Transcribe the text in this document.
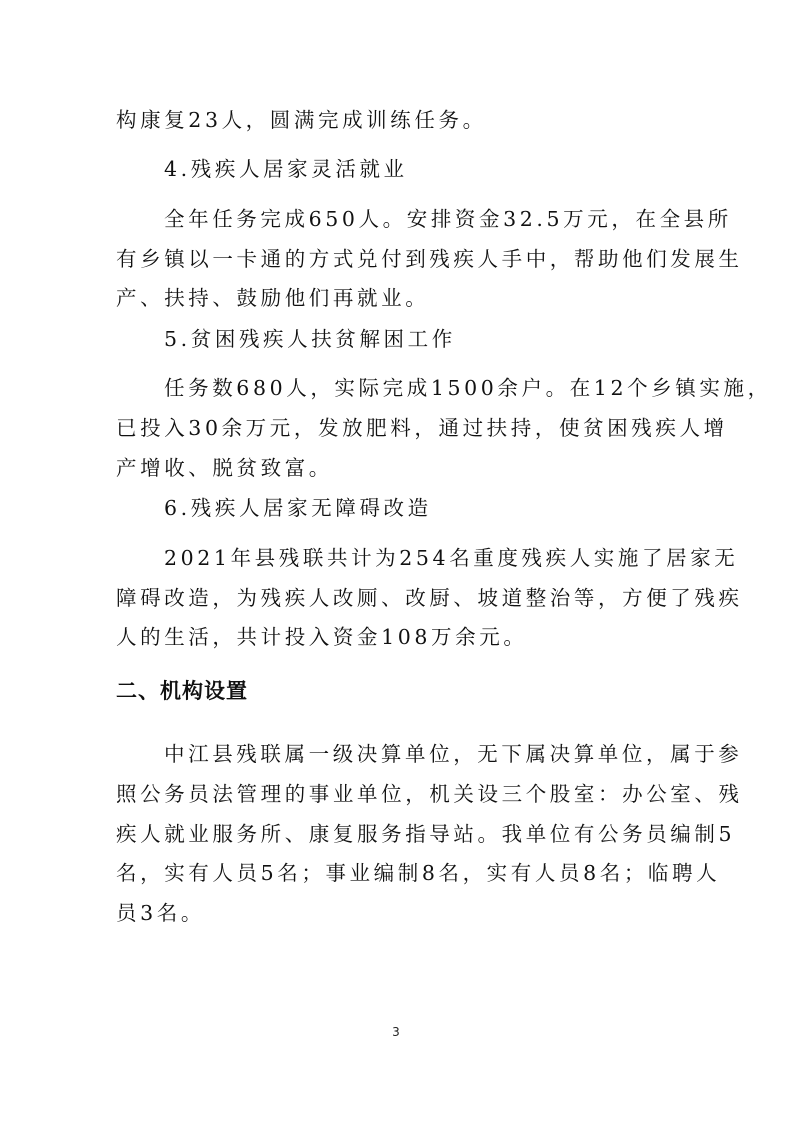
构康复23人，圆满完成训练任务。
4.残疾人居家灵活就业
全年任务完成650人。安排资金32.5万元，在全县所
有乡镇以一卡通的方式兑付到残疾人手中，帮助他们发展生
产、扶持、鼓励他们再就业。
5.贫困残疾人扶贫解困工作
任务数680人，实际完成1500余户。在12个乡镇实施，
已投入30余万元，发放肥料，通过扶持，使贫困残疾人增
产增收、脱贫致富。
6.残疾人居家无障碍改造
2021年县残联共计为254名重度残疾人实施了居家无
障碍改造，为残疾人改厕、改厨、坡道整治等，方便了残疾
人的生活，共计投入资金108万余元。
二、机构设置
中江县残联属一级决算单位，无下属决算单位，属于参
照公务员法管理的事业单位，机关设三个股室：办公室、残
疾人就业服务所、康复服务指导站。我单位有公务员编制5
名，实有人员5名；事业编制8名，实有人员8名；临聘人
员3名。
3
